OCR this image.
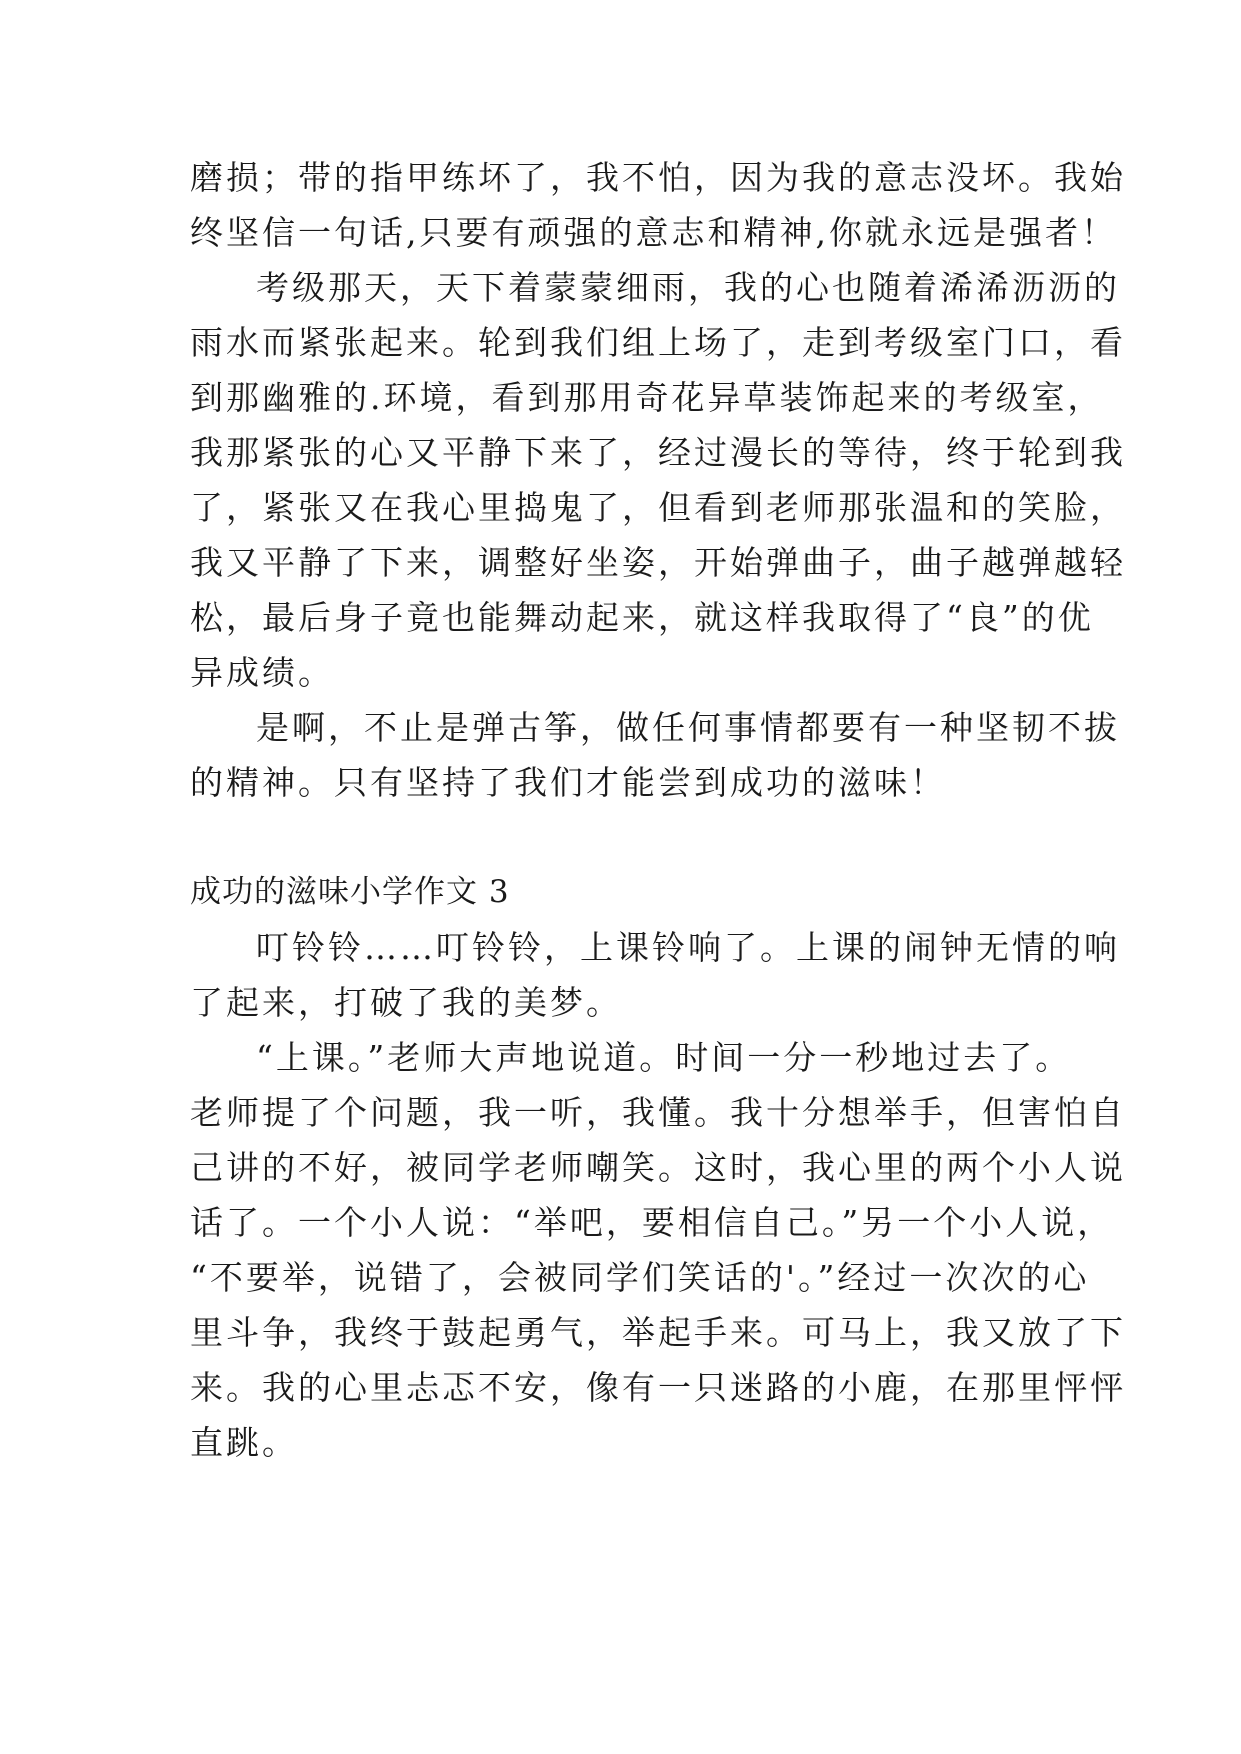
磨损；带的指甲练坏了，我不怕，因为我的意志没坏。我始
终坚信一句话,只要有顽强的意志和精神,你就永远是强者！
考级那天，天下着蒙蒙细雨，我的心也随着浠浠沥沥的
雨水而紧张起来。轮到我们组上场了，走到考级室门口，看
到那幽雅的.环境，看到那用奇花异草装饰起来的考级室，
我那紧张的心又平静下来了，经过漫长的等待，终于轮到我
了，紧张又在我心里捣鬼了，但看到老师那张温和的笑脸，
我又平静了下来，调整好坐姿，开始弹曲子，曲子越弹越轻
松，最后身子竟也能舞动起来，就这样我取得了“良”的优
异成绩。
是啊，不止是弹古筝，做任何事情都要有一种坚韧不拔
的精神。只有坚持了我们才能尝到成功的滋味！
成功的滋味小学作文 3
叮铃铃……叮铃铃，上课铃响了。上课的闹钟无情的响
了起来，打破了我的美梦。
“上课。”老师大声地说道。时间一分一秒地过去了。
老师提了个问题，我一听，我懂。我十分想举手，但害怕自
己讲的不好，被同学老师嘲笑。这时，我心里的两个小人说
话了。一个小人说：“举吧，要相信自己。”另一个小人说，
“不要举，说错了，会被同学们笑话的'。”经过一次次的心
里斗争，我终于鼓起勇气，举起手来。可马上，我又放了下
来。我的心里忐忑不安，像有一只迷路的小鹿，在那里怦怦
直跳。
